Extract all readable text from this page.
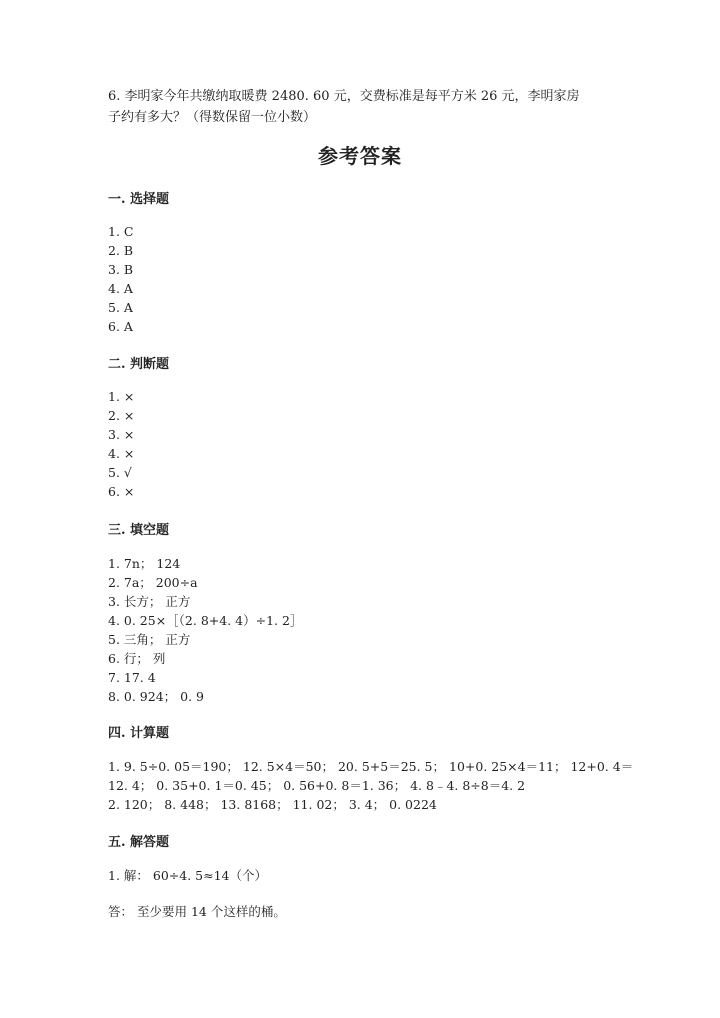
6. 李明家今年共缴纳取暖费 2480. 60 元，交费标准是每平方米 26 元，李明家房

子约有多大？（得数保留一位小数）

参考答案
一. 选择题
1. C
2. B
3. B
4. A
5. A
6. A
二. 判断题
1. ×
2. ×
3. ×
4. ×
5. √
6. ×
三. 填空题
1. 7n； 124
2. 7a； 200÷a
3. 长方； 正方
4. 0. 25×［（2. 8+4. 4）÷1. 2］
5. 三角； 正方
6. 行； 列
7. 17. 4
8. 0. 924； 0. 9
四. 计算题

1. 9. 5÷0. 05＝190； 12. 5×4＝50； 20. 5+5＝25. 5； 10+0. 25×4＝11； 12+0. 4＝

12. 4； 0. 35+0. 1＝0. 45； 0. 56+0. 8＝1. 36； 4. 8﹣4. 8÷8＝4. 2

2. 120； 8. 448； 13. 8168； 11. 02； 3. 4； 0. 0224

五. 解答题

1. 解： 60÷4. 5≈14（个）

答： 至少要用 14 个这样的桶。
